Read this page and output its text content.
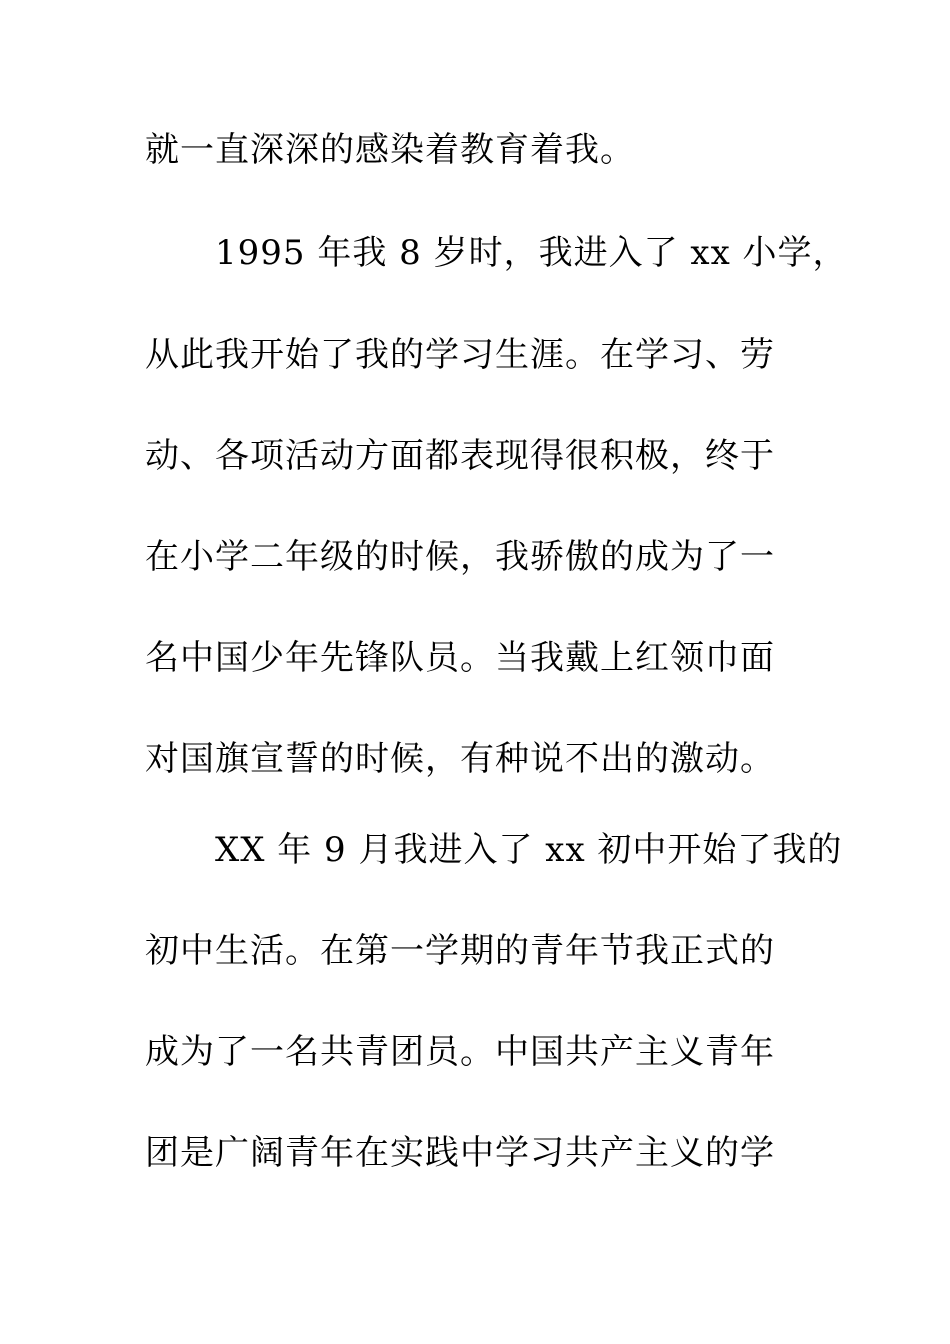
就一直深深的感染着教育着我。
1995 年我 8 岁时，我进入了 xx 小学，
从此我开始了我的学习生涯。在学习、劳
动、各项活动方面都表现得很积极，终于
在小学二年级的时候，我骄傲的成为了一
名中国少年先锋队员。当我戴上红领巾面
对国旗宣誓的时候，有种说不出的激动。
XX 年 9 月我进入了 xx 初中开始了我的
初中生活。在第一学期的青年节我正式的
成为了一名共青团员。中国共产主义青年
团是广阔青年在实践中学习共产主义的学
